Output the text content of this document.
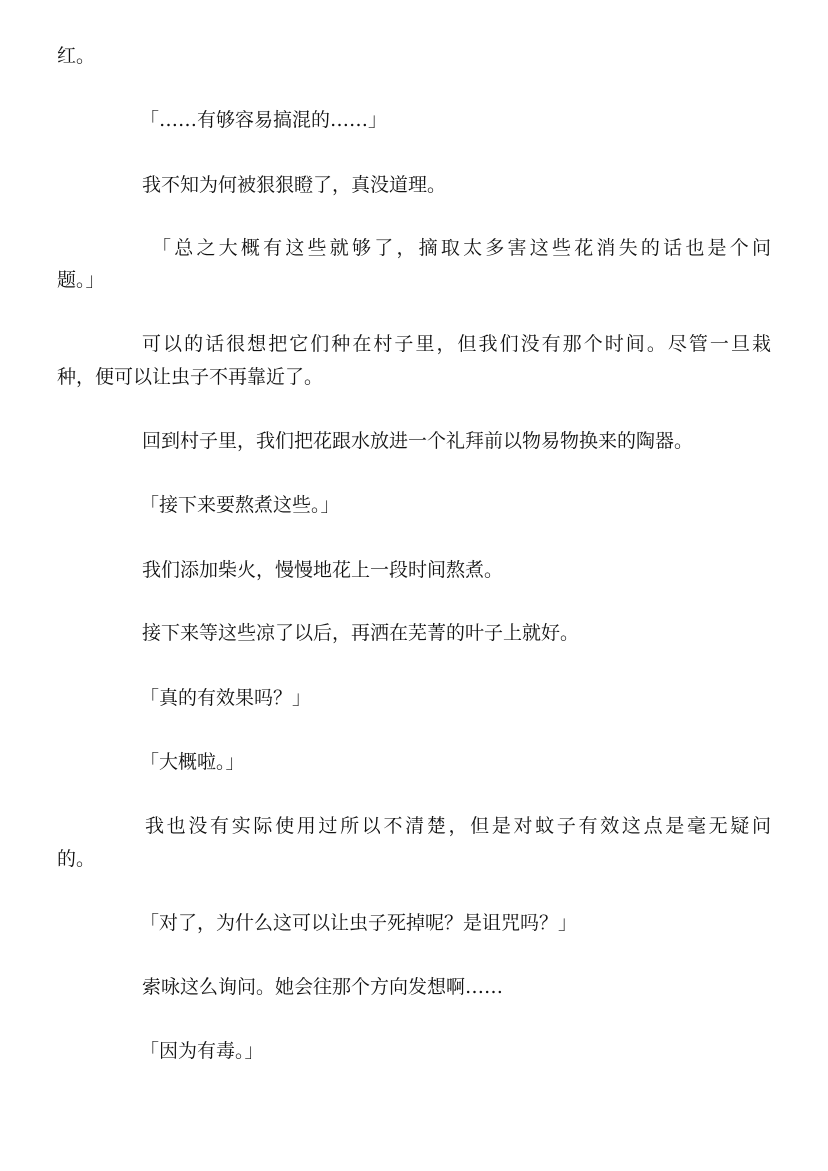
红。
「……有够容易搞混的……」
我不知为何被狠狠瞪了，真没道理。
「总之大概有这些就够了，摘取太多害这些花消失的话也是个问
题。」
可以的话很想把它们种在村子里，但我们没有那个时间。尽管一旦栽
种，便可以让虫子不再靠近了。
回到村子里，我们把花跟水放进一个礼拜前以物易物换来的陶器。
「接下来要熬煮这些。」
我们添加柴火，慢慢地花上一段时间熬煮。
接下来等这些凉了以后，再洒在芜菁的叶子上就好。
「真的有效果吗？」
「大概啦。」
我也没有实际使用过所以不清楚，但是对蚊子有效这点是毫无疑问
的。
「对了，为什么这可以让虫子死掉呢？是诅咒吗？」
索咏这么询问。她会往那个方向发想啊……
「因为有毒。」
